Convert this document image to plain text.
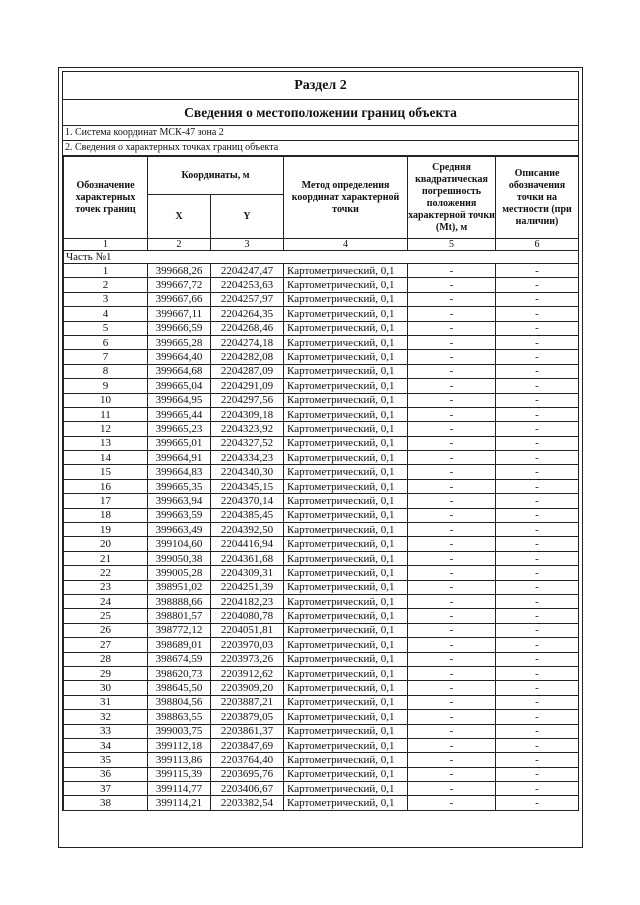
Раздел 2
Сведения о местоположении границ объекта
1. Система координат МСК-47 зона 2
2. Сведения о характерных точках границ объекта
Обозначение характерных точек границ	Координаты, м		Метод определения координат характерной точки	Средняя квадратическая погрешность положения характерной точки (Mt), м	Описание обозначения точки на местности (при наличии)
	X	Y			
1	2	3	4	5	6
Часть №1					
1	399668,26	2204247,47	Картометрический, 0,1	-	-
2	399667,72	2204253,63	Картометрический, 0,1	-	-
3	399667,66	2204257,97	Картометрический, 0,1	-	-
4	399667,11	2204264,35	Картометрический, 0,1	-	-
5	399666,59	2204268,46	Картометрический, 0,1	-	-
6	399665,28	2204274,18	Картометрический, 0,1	-	-
7	399664,40	2204282,08	Картометрический, 0,1	-	-
8	399664,68	2204287,09	Картометрический, 0,1	-	-
9	399665,04	2204291,09	Картометрический, 0,1	-	-
10	399664,95	2204297,56	Картометрический, 0,1	-	-
11	399665,44	2204309,18	Картометрический, 0,1	-	-
12	399665,23	2204323,92	Картометрический, 0,1	-	-
13	399665,01	2204327,52	Картометрический, 0,1	-	-
14	399664,91	2204334,23	Картометрический, 0,1	-	-
15	399664,83	2204340,30	Картометрический, 0,1	-	-
16	399665,35	2204345,15	Картометрический, 0,1	-	-
17	399663,94	2204370,14	Картометрический, 0,1	-	-
18	399663,59	2204385,45	Картометрический, 0,1	-	-
19	399663,49	2204392,50	Картометрический, 0,1	-	-
20	399104,60	2204416,94	Картометрический, 0,1	-	-
21	399050,38	2204361,68	Картометрический, 0,1	-	-
22	399005,28	2204309,31	Картометрический, 0,1	-	-
23	398951,02	2204251,39	Картометрический, 0,1	-	-
24	398888,66	2204182,23	Картометрический, 0,1	-	-
25	398801,57	2204080,78	Картометрический, 0,1	-	-
26	398772,12	2204051,81	Картометрический, 0,1	-	-
27	398689,01	2203970,03	Картометрический, 0,1	-	-
28	398674,59	2203973,26	Картометрический, 0,1	-	-
29	398620,73	2203912,62	Картометрический, 0,1	-	-
30	398645,50	2203909,20	Картометрический, 0,1	-	-
31	398804,56	2203887,21	Картометрический, 0,1	-	-
32	398863,55	2203879,05	Картометрический, 0,1	-	-
33	399003,75	2203861,37	Картометрический, 0,1	-	-
34	399112,18	2203847,69	Картометрический, 0,1	-	-
35	399113,86	2203764,40	Картометрический, 0,1	-	-
36	399115,39	2203695,76	Картометрический, 0,1	-	-
37	399114,77	2203406,67	Картометрический, 0,1	-	-
38	399114,21	2203382,54	Картометрический, 0,1	-	-
